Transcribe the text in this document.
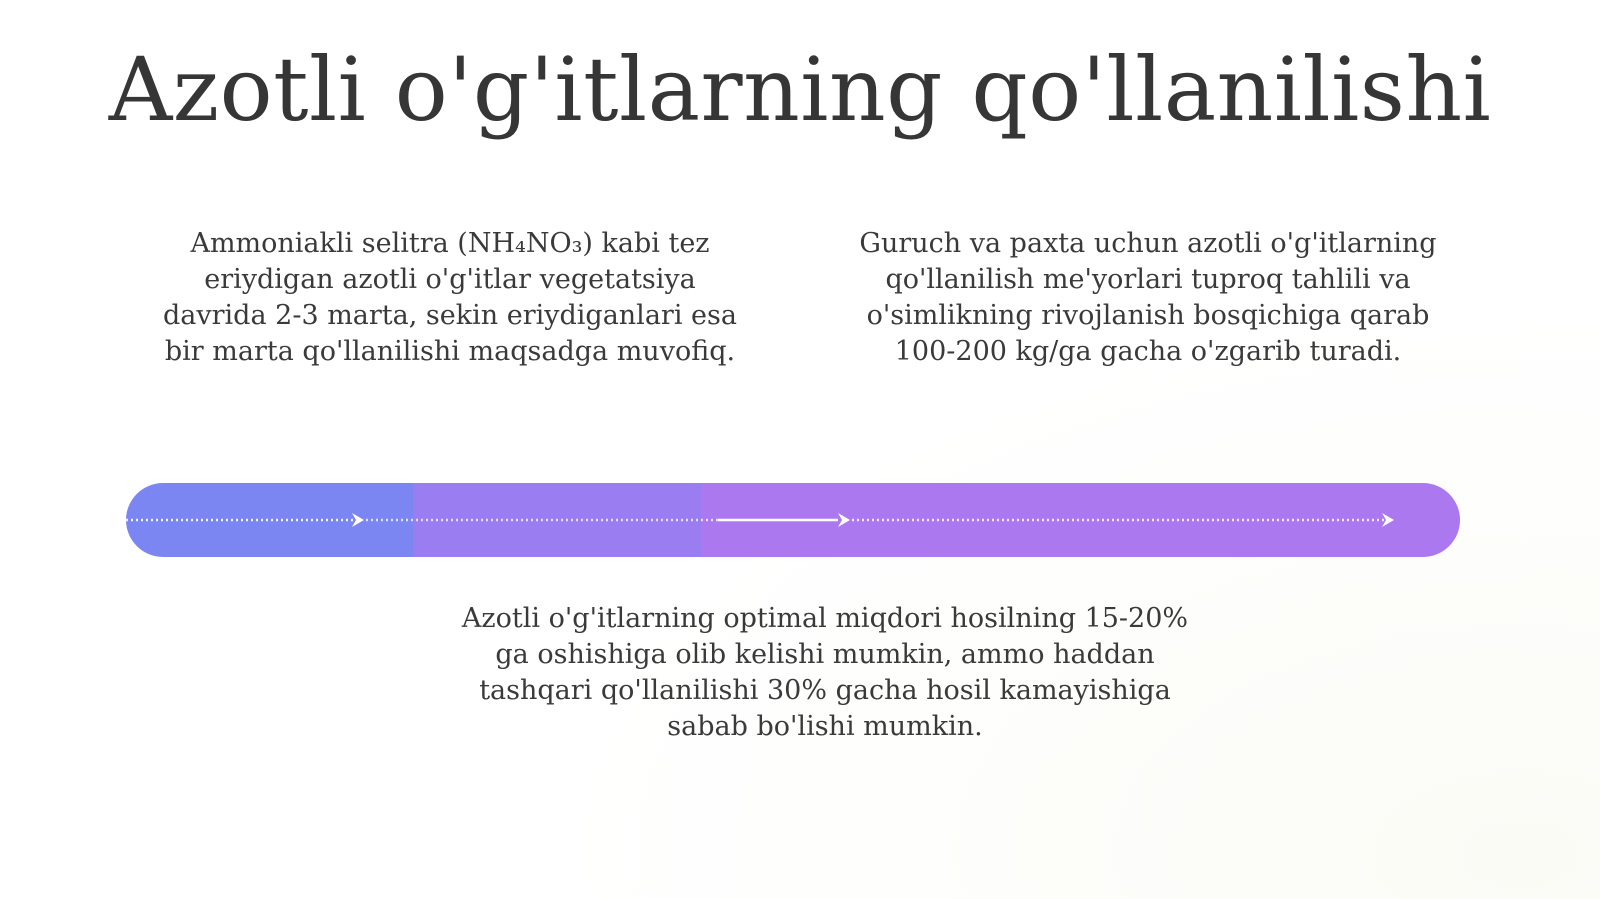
Azotli o'g'itlarning qo'llanilishi

Ammoniakli selitra (NH₄NO₃) kabi tez eriydigan azotli o'g'itlar vegetatsiya davrida 2-3 marta, sekin eriydiganlari esa bir marta qo'llanilishi maqsadga muvofiq.

Guruch va paxta uchun azotli o'g'itlarning qo'llanilish me'yorlari tuproq tahlili va o'simlikning rivojlanish bosqichiga qarab 100-200 kg/ga gacha o'zgarib turadi.

Azotli o'g'itlarning optimal miqdori hosilning 15-20% ga oshishiga olib kelishi mumkin, ammo haddan tashqari qo'llanilishi 30% gacha hosil kamayishiga sabab bo'lishi mumkin.
